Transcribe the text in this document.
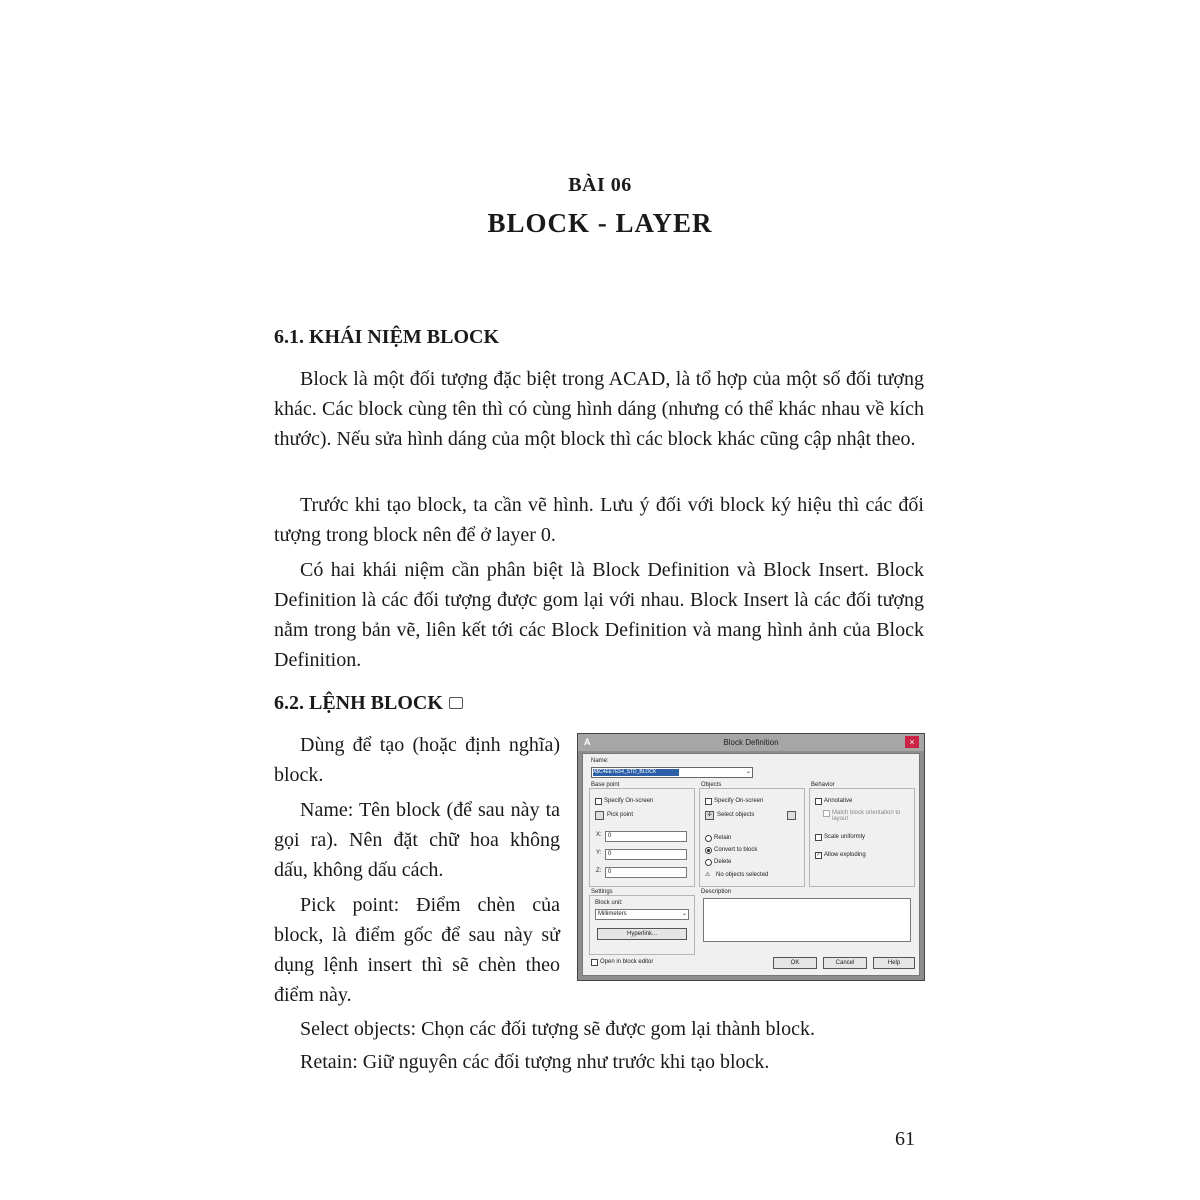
BÀI 06
BLOCK - LAYER
6.1. KHÁI NIỆM BLOCK

Block là một đối tượng đặc biệt trong ACAD, là tổ hợp của một số đối tượng khác. Các block cùng tên thì có cùng hình dáng (nhưng có thể khác nhau về kích thước). Nếu sửa hình dáng của một block thì các block khác cũng cập nhật theo.

Trước khi tạo block, ta cần vẽ hình. Lưu ý đối với block ký hiệu thì các đối tượng trong block nên để ở layer 0.

Có hai khái niệm cần phân biệt là Block Definition và Block Insert. Block Definition là các đối tượng được gom lại với nhau. Block Insert là các đối tượng nằm trong bản vẽ, liên kết tới các Block Definition và mang hình ảnh của Block Definition.

6.2. LỆNH BLOCK

Dùng để tạo (hoặc định nghĩa) block.

Name: Tên block (để sau này ta gọi ra). Nên đặt chữ hoa không dấu, không dấu cách.

Pick point: Điểm chèn của block, là điểm gốc để sau này sử dụng lệnh insert thì sẽ chèn theo điểm này.

Select objects: Chọn các đối tượng sẽ được gom lại thành block.
Retain: Giữ nguyên các đối tượng như trước khi tạo block.
A	Block Definition	×
Name:
A$C4EE7E54_STD_BLOCK	⌄
Base point
Specify On-screen
Pick point
X: 0
Y: 0
Z: 0
Objects
Specify On-screen
✣ Select objects
Retain
Convert to block
Delete
⚠ No objects selected
Behavior
Annotative
Match block orientation to layout
Scale uniformly
✓ Allow exploding
Settings
Block unit:
Millimeters	⌄
Hyperlink...
Description
Open in block editor	OK	Cancel	Help
61
